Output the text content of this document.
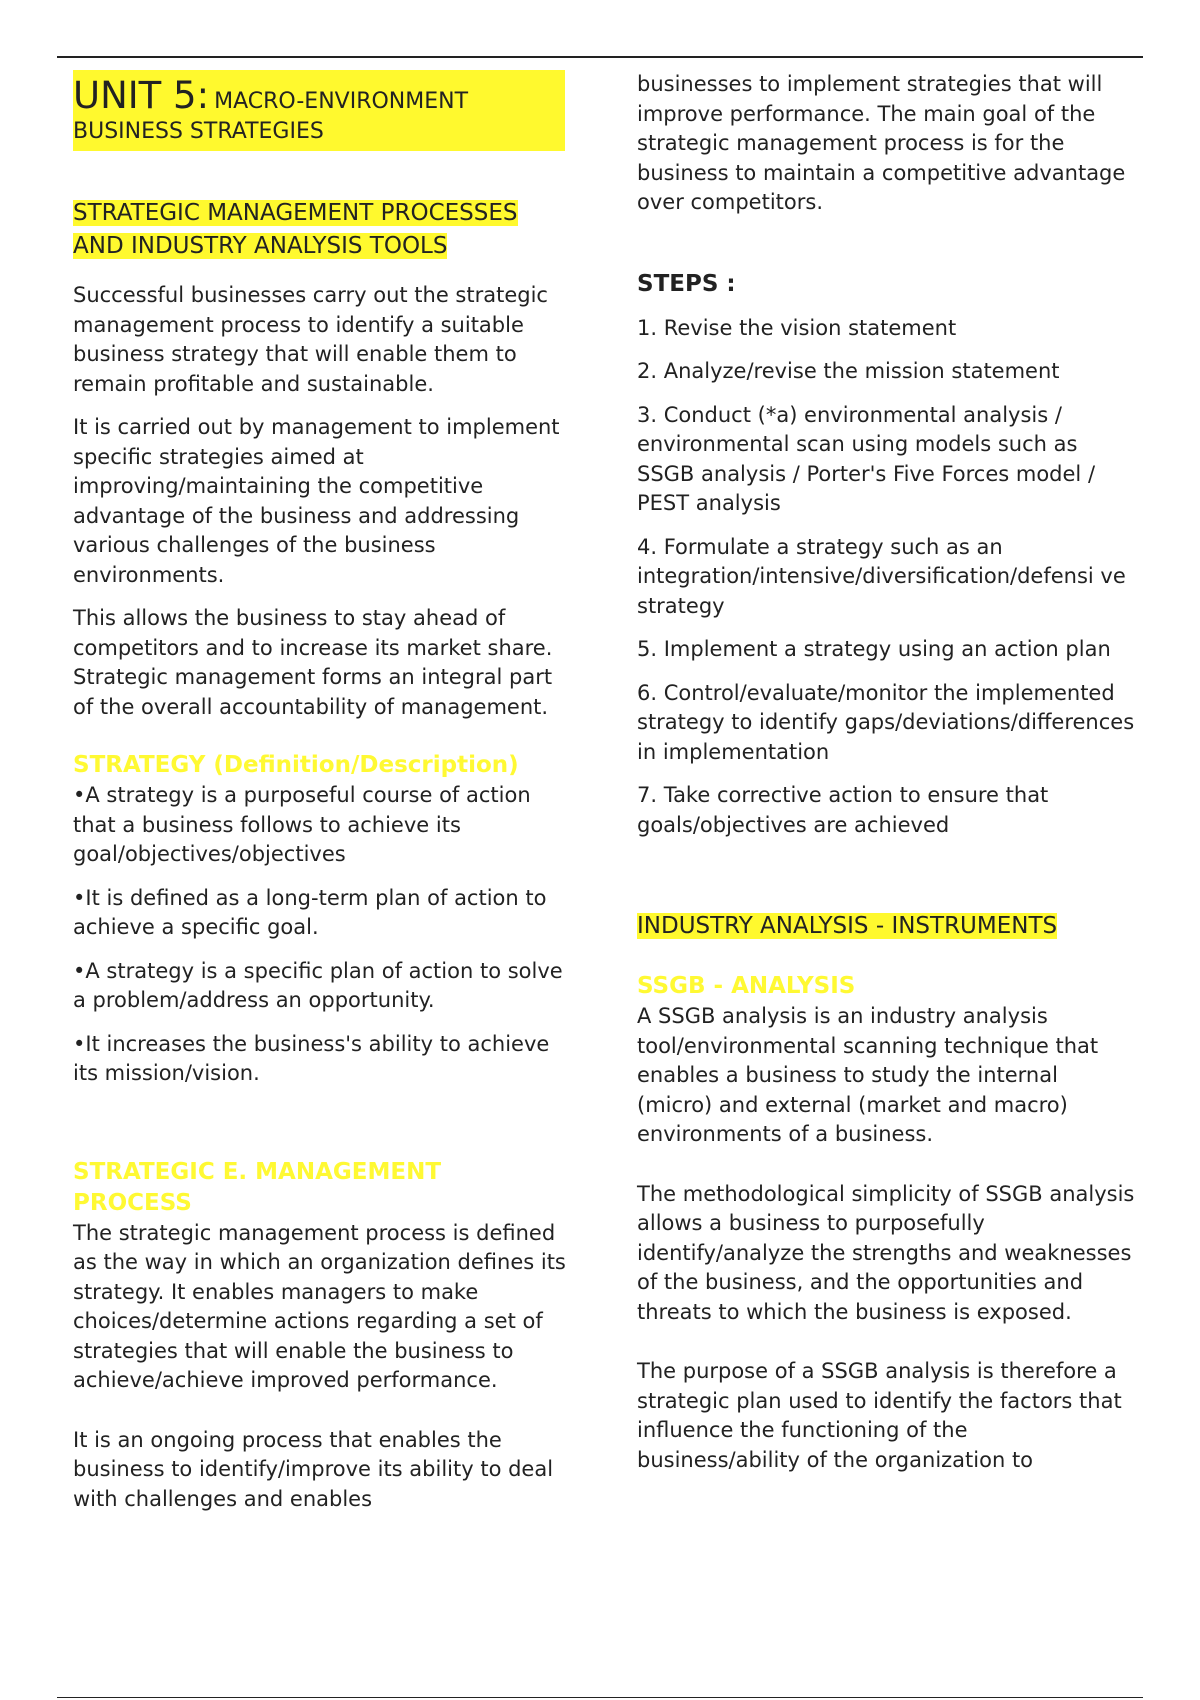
UNIT 5: MACRO-ENVIRONMENT
BUSINESS STRATEGIES
STRATEGIC MANAGEMENT PROCESSES
AND INDUSTRY ANALYSIS TOOLS

Successful businesses carry out the strategic management process to identify a suitable business strategy that will enable them to remain profitable and sustainable.

It is carried out by management to implement specific strategies aimed at improving/maintaining the competitive advantage of the business and addressing various challenges of the business environments.

This allows the business to stay ahead of competitors and to increase its market share. Strategic management forms an integral part of the overall accountability of management.

STRATEGY (Definition/Description)

•A strategy is a purposeful course of action that a business follows to achieve its goal/objectives/objectives

•It is defined as a long-term plan of action to achieve a specific goal.

•A strategy is a specific plan of action to solve a problem/address an opportunity.

•It increases the business's ability to achieve its mission/vision.

STRATEGIC E. MANAGEMENT
PROCESS

The strategic management process is defined as the way in which an organization defines its strategy. It enables managers to make choices/determine actions regarding a set of strategies that will enable the business to achieve/achieve improved performance.

It is an ongoing process that enables the business to identify/improve its ability to deal with challenges and enables

businesses to implement strategies that will improve performance. The main goal of the strategic management process is for the business to maintain a competitive advantage over competitors.

STEPS :

1. Revise the vision statement

2. Analyze/revise the mission statement

3. Conduct (*a) environmental analysis / environmental scan using models such as SSGB analysis / Porter's Five Forces model / PEST analysis

4. Formulate a strategy such as an integration/intensive/diversification/defensi ve strategy

5. Implement a strategy using an action plan

6. Control/evaluate/monitor the implemented strategy to identify gaps/deviations/differences in implementation

7. Take corrective action to ensure that goals/objectives are achieved

INDUSTRY ANALYSIS - INSTRUMENTS
SSGB - ANALYSIS

A SSGB analysis is an industry analysis tool/environmental scanning technique that enables a business to study the internal (micro) and external (market and macro) environments of a business.

The methodological simplicity of SSGB analysis allows a business to purposefully identify/analyze the strengths and weaknesses of the business, and the opportunities and threats to which the business is exposed.

The purpose of a SSGB analysis is therefore a strategic plan used to identify the factors that influence the functioning of the business/ability of the organization to
